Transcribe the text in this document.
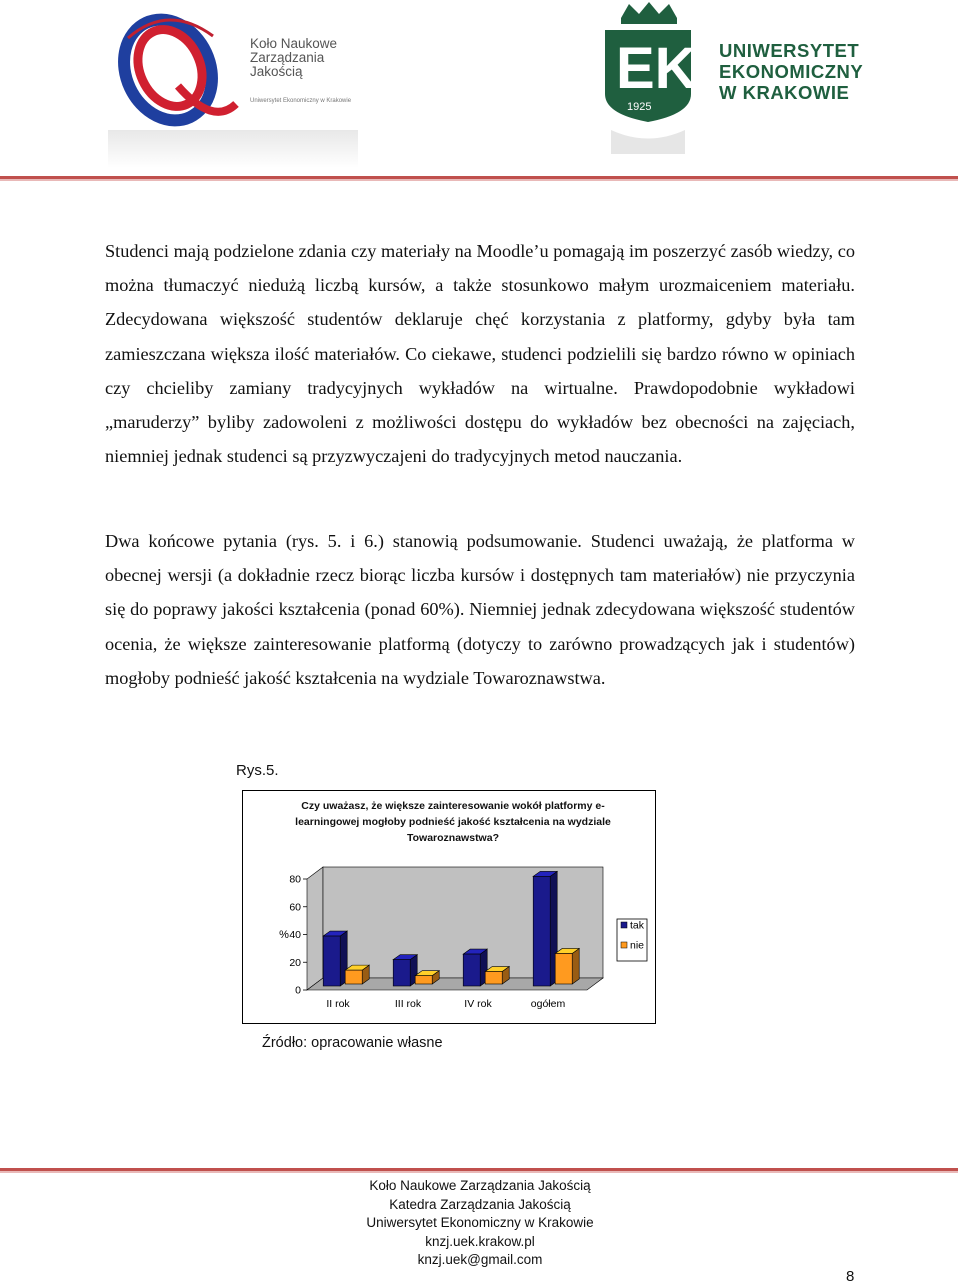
Koło Naukowe Zarządzania Jakością
Uniwersytet Ekonomiczny w Krakowie	EK
1925
UNIWERSYTET
EKONOMICZNY
W KRAKOWIE
Studenci mają podzielone zdania czy materiały na Moodle’u pomagają im poszerzyć zasób wiedzy, co można tłumaczyć niedużą liczbą kursów, a także stosunkowo małym urozmaiceniem materiału. Zdecydowana większość studentów deklaruje chęć korzystania z platformy, gdyby była tam zamieszczana większa ilość materiałów. Co ciekawe, studenci podzielili się bardzo równo w opiniach czy chcieliby zamiany tradycyjnych wykładów na wirtualne. Prawdopodobnie wykładowi „maruderzy” byliby zadowoleni z możliwości dostępu do wykładów bez obecności na zajęciach, niemniej jednak studenci są przyzwyczajeni do tradycyjnych metod nauczania.
Dwa końcowe pytania (rys. 5. i 6.) stanowią podsumowanie. Studenci uważają, że platforma w obecnej wersji (a dokładnie rzecz biorąc liczba kursów i dostępnych tam materiałów) nie przyczynia się do poprawy jakości kształcenia (ponad 60%). Niemniej jednak zdecydowana większość studentów ocenia, że większe zainteresowanie platformą (dotyczy to zarówno prowadzących jak i studentów) mogłoby podnieść jakość kształcenia na wydziale Towaroznawstwa.
Rys.5.
Czy uważasz, że większe zainteresowanie wokół platformy e-learningowej mogłoby podnieść jakość kształcenia na wydziale Towaroznawstwa?
0
20
40
60
80
%
II rok	III rok	IV rok	ogółem
tak
nie
Źródło: opracowanie własne
Koło Naukowe Zarządzania Jakością
Katedra Zarządzania Jakością
Uniwersytet Ekonomiczny w Krakowie
knzj.uek.krakow.pl
knzj.uek@gmail.com
8
